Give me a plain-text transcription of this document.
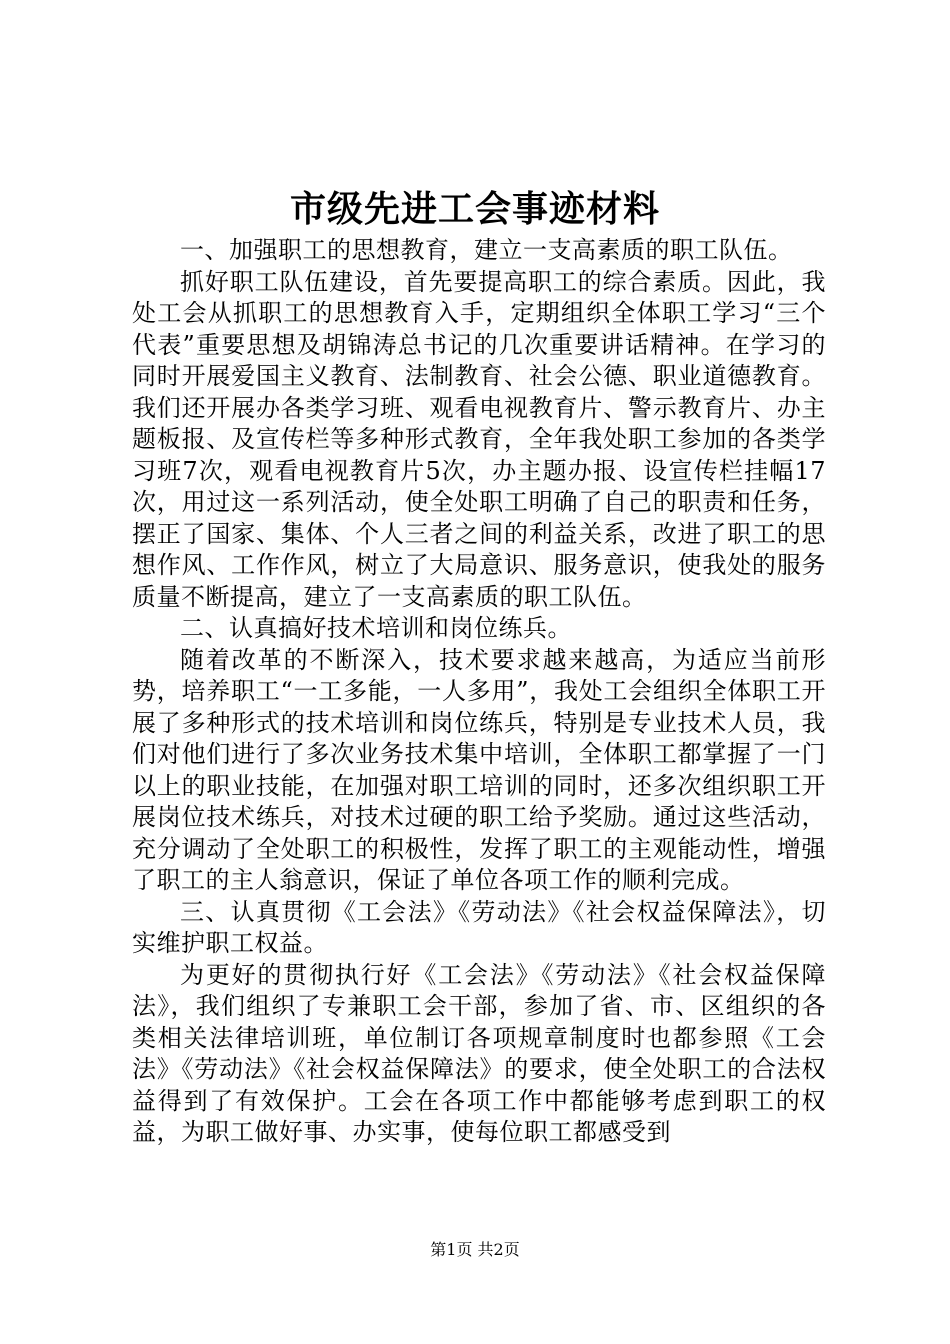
市级先进工会事迹材料

一、加强职工的思想教育，建立一支高素质的职工队伍。

抓好职工队伍建设，首先要提高职工的综合素质。因此，我处工会从抓职工的思想教育入手，定期组织全体职工学习“三个代表”重要思想及胡锦涛总书记的几次重要讲话精神。在学习的同时开展爱国主义教育、法制教育、社会公德、职业道德教育。我们还开展办各类学习班、观看电视教育片、警示教育片、办主题板报、及宣传栏等多种形式教育，全年我处职工参加的各类学习班7次，观看电视教育片5次，办主题办报、设宣传栏挂幅17次，用过这一系列活动，使全处职工明确了自己的职责和任务，摆正了国家、集体、个人三者之间的利益关系，改进了职工的思想作风、工作作风，树立了大局意识、服务意识，使我处的服务质量不断提高，建立了一支高素质的职工队伍。

二、认真搞好技术培训和岗位练兵。

随着改革的不断深入，技术要求越来越高，为适应当前形势，培养职工“一工多能，一人多用”，我处工会组织全体职工开展了多种形式的技术培训和岗位练兵，特别是专业技术人员，我们对他们进行了多次业务技术集中培训，全体职工都掌握了一门以上的职业技能，在加强对职工培训的同时，还多次组织职工开展岗位技术练兵，对技术过硬的职工给予奖励。通过这些活动，充分调动了全处职工的积极性，发挥了职工的主观能动性，增强了职工的主人翁意识，保证了单位各项工作的顺利完成。

三、认真贯彻《工会法》《劳动法》《社会权益保障法》，切实维护职工权益。

为更好的贯彻执行好《工会法》《劳动法》《社会权益保障法》，我们组织了专兼职工会干部，参加了省、市、区组织的各类相关法律培训班，单位制订各项规章制度时也都参照《工会法》《劳动法》《社会权益保障法》的要求，使全处职工的合法权益得到了有效保护。工会在各项工作中都能够考虑到职工的权益，为职工做好事、办实事，使每位职工都感受到

第1页 共2页
